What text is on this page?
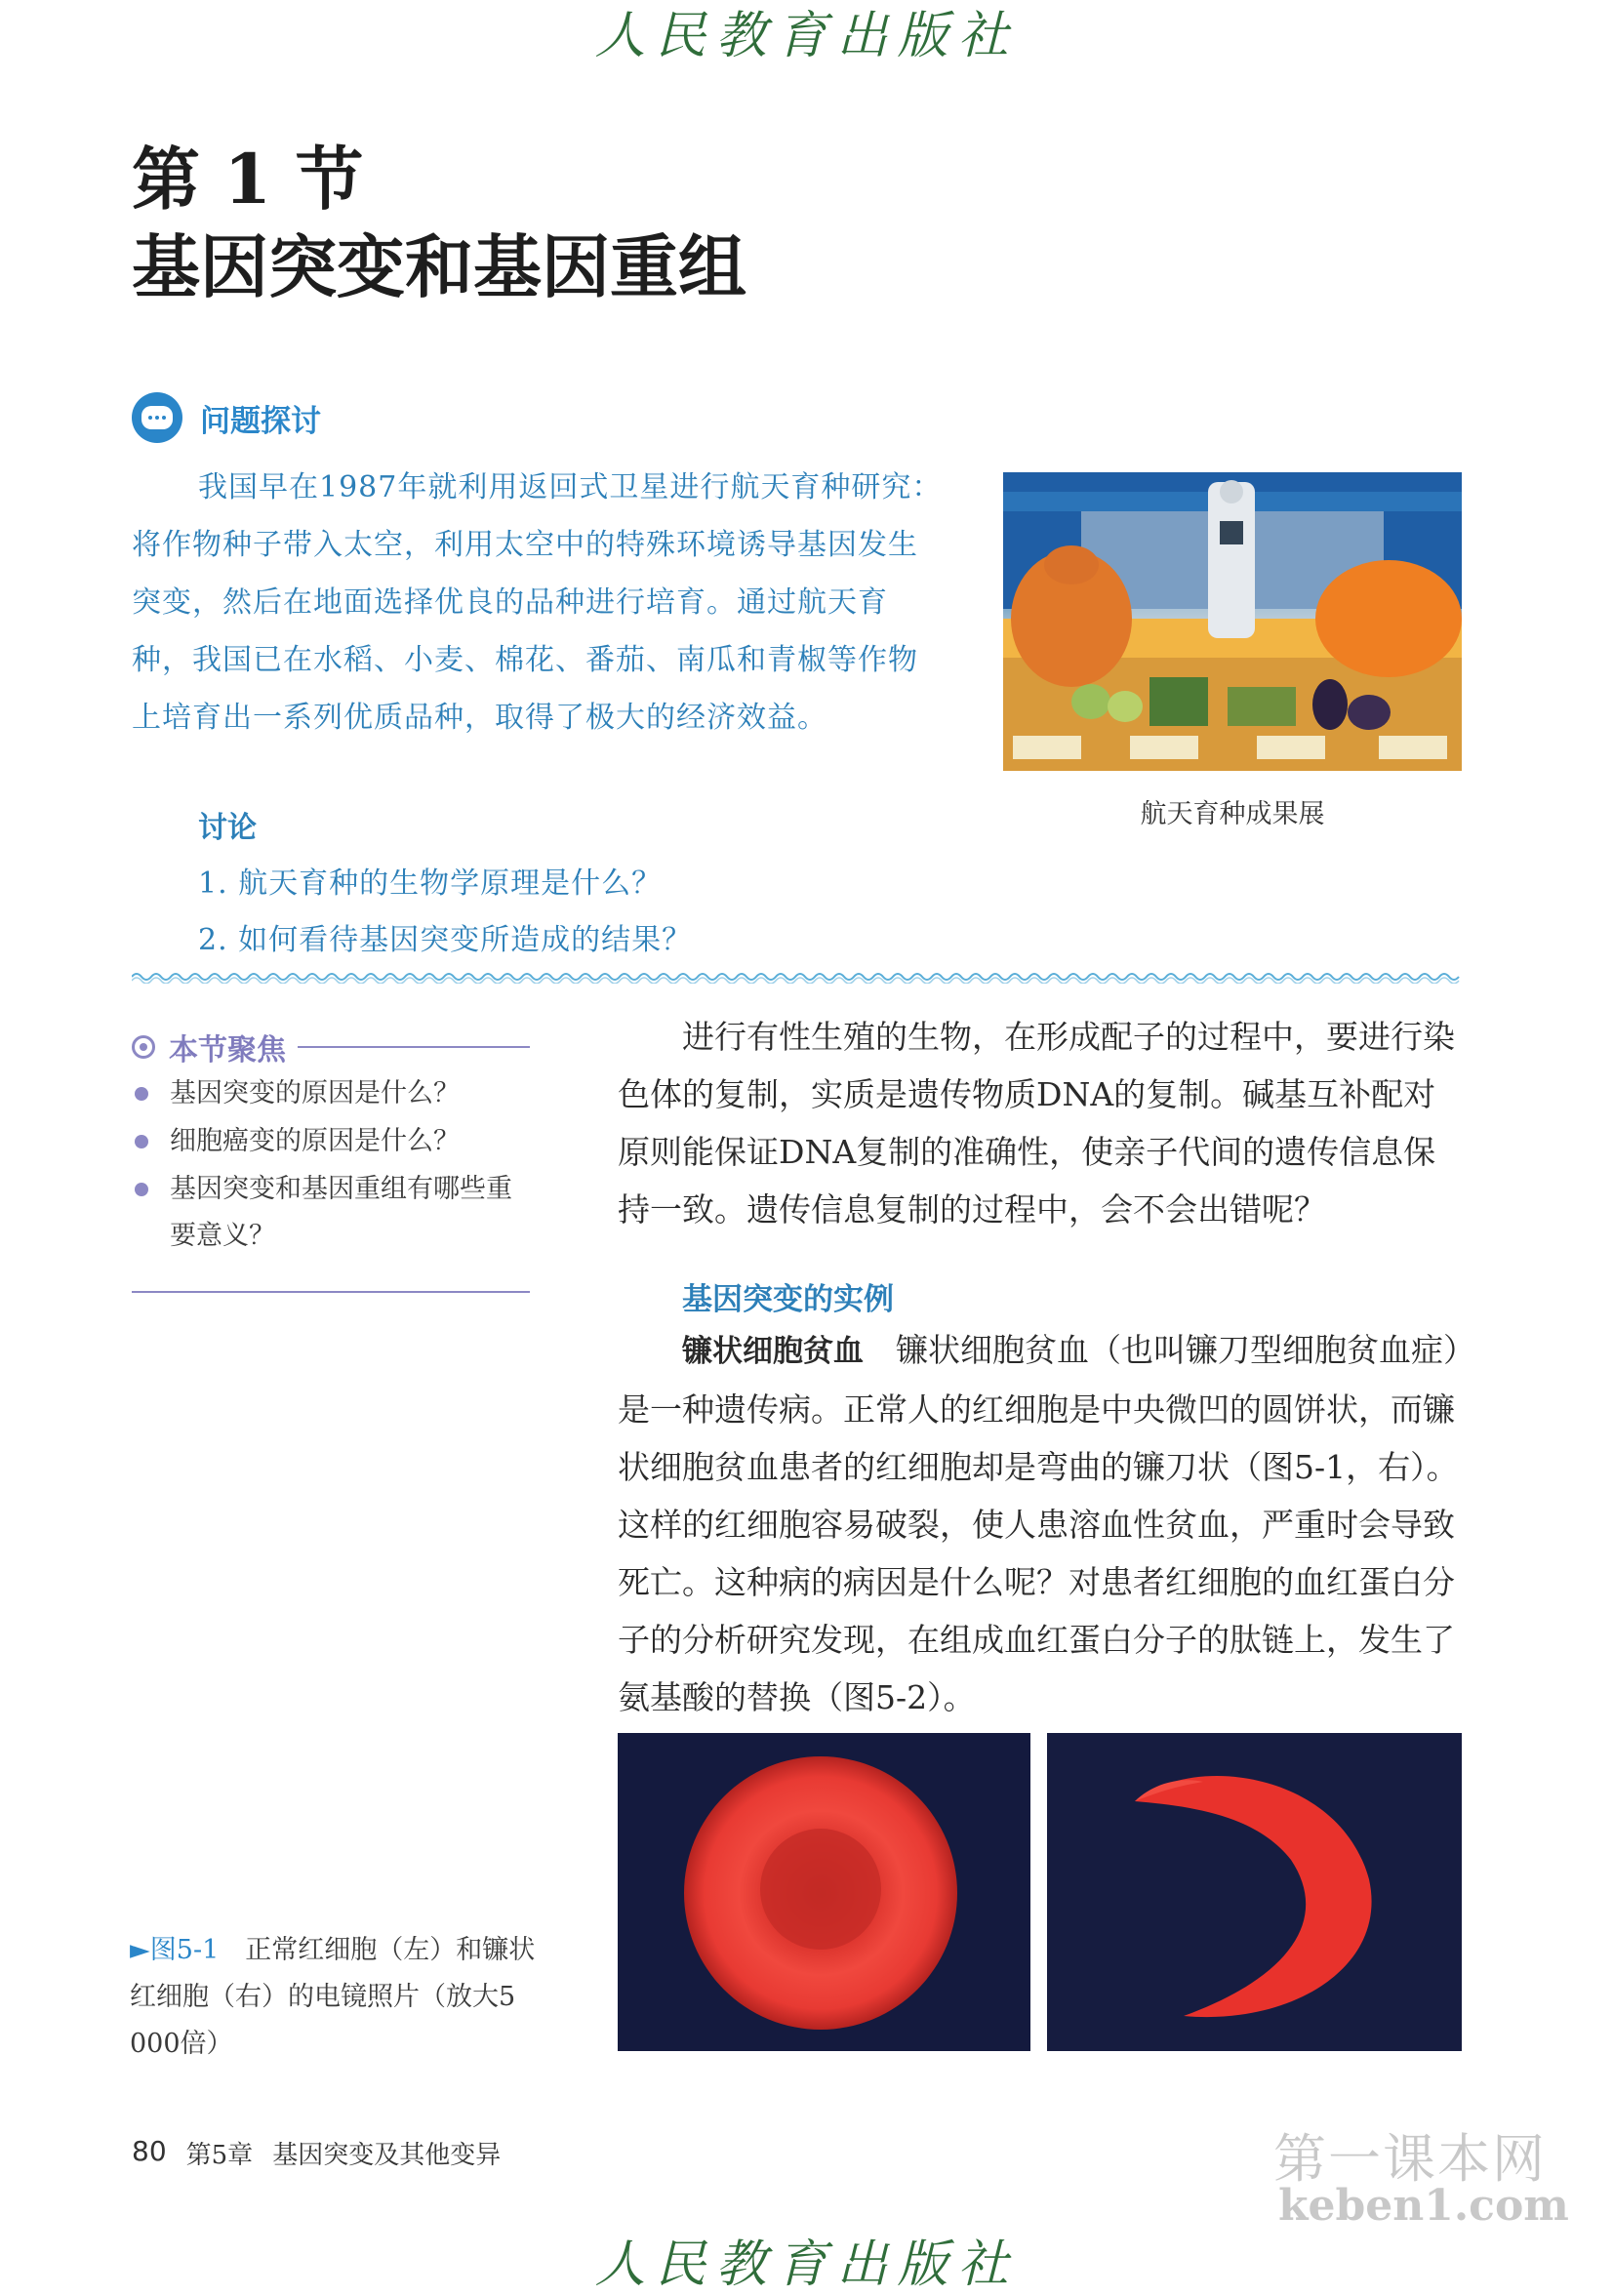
人民教育出版社
第 1 节
基因突变和基因重组
问题探讨
我国早在1987年就利用返回式卫星进行航天育种研究：将作物种子带入太空，利用太空中的特殊环境诱导基因发生突变，然后在地面选择优良的品种进行培育。通过航天育种，我国已在水稻、小麦、棉花、番茄、南瓜和青椒等作物上培育出一系列优质品种，取得了极大的经济效益。
讨论
1. 航天育种的生物学原理是什么？
2. 如何看待基因突变所造成的结果？
航天育种成果展
本节聚焦
基因突变的原因是什么？
细胞癌变的原因是什么？
基因突变和基因重组有哪些重要意义？
进行有性生殖的生物，在形成配子的过程中，要进行染色体的复制，实质是遗传物质DNA的复制。碱基互补配对原则能保证DNA复制的准确性，使亲子代间的遗传信息保持一致。遗传信息复制的过程中，会不会出错呢？
基因突变的实例
镰状细胞贫血　 镰状细胞贫血（也叫镰刀型细胞贫血症）是一种遗传病。正常人的红细胞是中央微凹的圆饼状，而镰状细胞贫血患者的红细胞却是弯曲的镰刀状（图5-1，右）。这样的红细胞容易破裂，使人患溶血性贫血，严重时会导致死亡。这种病的病因是什么呢？对患者红细胞的血红蛋白分子的分析研究发现，在组成血红蛋白分子的肽链上，发生了氨基酸的替换（图5-2）。
►图5-1　 正常红细胞（左）和镰状红细胞（右）的电镜照片（放大5 000倍）
80 第5章 基因突变及其他变异	第一课本网
keben1.com
人民教育出版社
